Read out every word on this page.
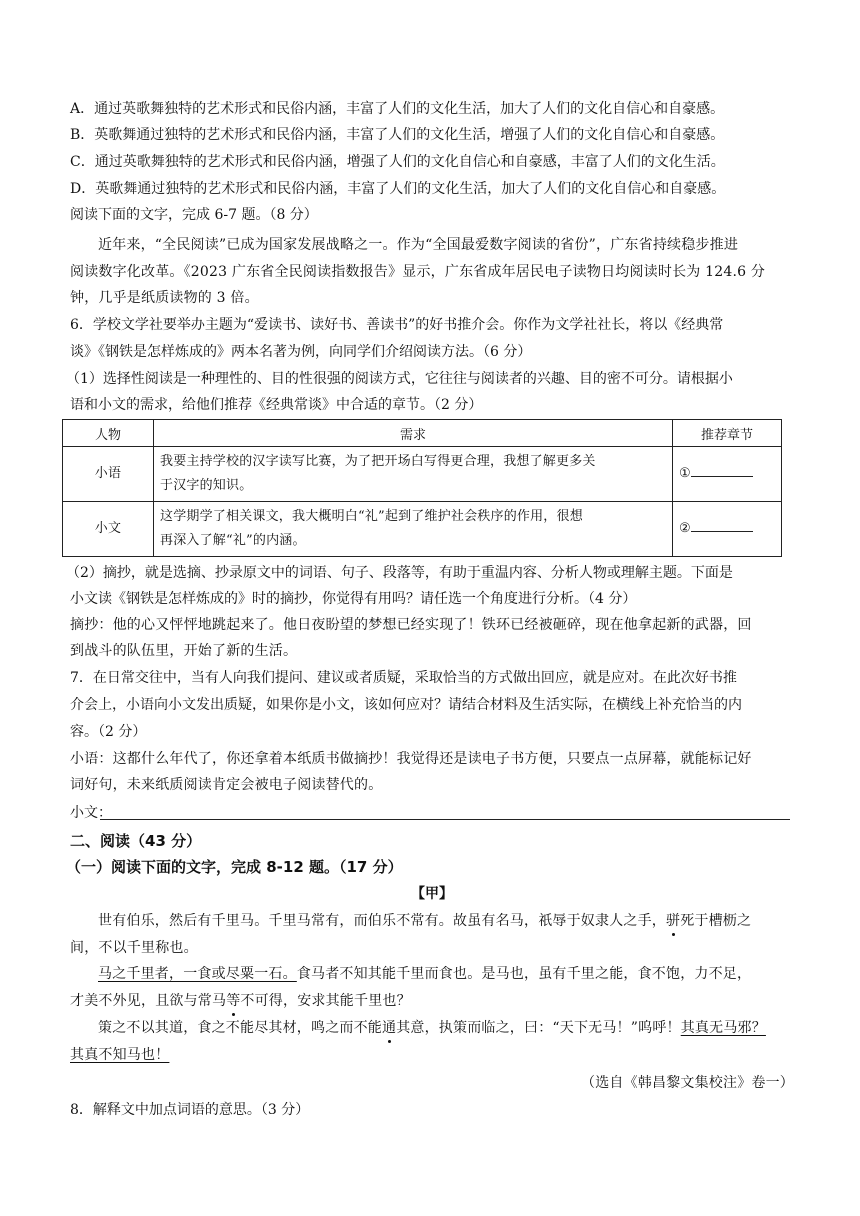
A．通过英歌舞独特的艺术形式和民俗内涵，丰富了人们的文化生活，加大了人们的文化自信心和自豪感。
B．英歌舞通过独特的艺术形式和民俗内涵，丰富了人们的文化生活，增强了人们的文化自信心和自豪感。
C．通过英歌舞独特的艺术形式和民俗内涵，增强了人们的文化自信心和自豪感，丰富了人们的文化生活。
D．英歌舞通过独特的艺术形式和民俗内涵，丰富了人们的文化生活，加大了人们的文化自信心和自豪感。
阅读下面的文字，完成 6-7 题。（8 分）
近年来，“全民阅读”已成为国家发展战略之一。作为“全国最爱数字阅读的省份”，广东省持续稳步推进
阅读数字化改革。《2023 广东省全民阅读指数报告》显示，广东省成年居民电子读物日均阅读时长为 124.6 分
钟，几乎是纸质读物的 3 倍。
6．学校文学社要举办主题为“爱读书、读好书、善读书”的好书推介会。你作为文学社社长，将以《经典常
谈》《钢铁是怎样炼成的》两本名著为例，向同学们介绍阅读方法。（6 分）
（1）选择性阅读是一种理性的、目的性很强的阅读方式，它往往与阅读者的兴趣、目的密不可分。请根据小
语和小文的需求，给他们推荐《经典常谈》中合适的章节。（2 分）
人物	需求	推荐章节
小语	我要主持学校的汉字读写比赛，为了把开场白写得更合理，我想了解更多关
于汉字的知识。	①
小文	这学期学了相关课文，我大概明白“礼”起到了维护社会秩序的作用，很想
再深入了解“礼”的内涵。	②
（2）摘抄，就是选摘、抄录原文中的词语、句子、段落等，有助于重温内容、分析人物或理解主题。下面是
小文读《钢铁是怎样炼成的》时的摘抄，你觉得有用吗？请任选一个角度进行分析。（4 分）
摘抄：他的心又怦怦地跳起来了。他日夜盼望的梦想已经实现了！铁环已经被砸碎，现在他拿起新的武器，回
到战斗的队伍里，开始了新的生活。
7．在日常交往中，当有人向我们提问、建议或者质疑，采取恰当的方式做出回应，就是应对。在此次好书推
介会上，小语向小文发出质疑，如果你是小文，该如何应对？请结合材料及生活实际，在横线上补充恰当的内
容。（2 分）
小语：这都什么年代了，你还拿着本纸质书做摘抄！我觉得还是读电子书方便，只要点一点屏幕，就能标记好
词好句，未来纸质阅读肯定会被电子阅读替代的。
小文：
二、阅读（43 分）
（一）阅读下面的文字，完成 8-12 题。（17 分）
【甲】
世有伯乐，然后有千里马。千里马常有，而伯乐不常有。故虽有名马，祇辱于奴隶人之手，骈死于槽枥之
间，不以千里称也。
马之千里者，一食或尽粟一石。食马者不知其能千里而食也。是马也，虽有千里之能，食不饱，力不足，
才美不外见，且欲与常马等不可得，安求其能千里也？
策之不以其道，食之不能尽其材，鸣之而不能通其意，执策而临之，曰：“天下无马！”呜呼！其真无马邪？
其真不知马也！
（选自《韩昌黎文集校注》卷一）
8．解释文中加点词语的意思。（3 分）
